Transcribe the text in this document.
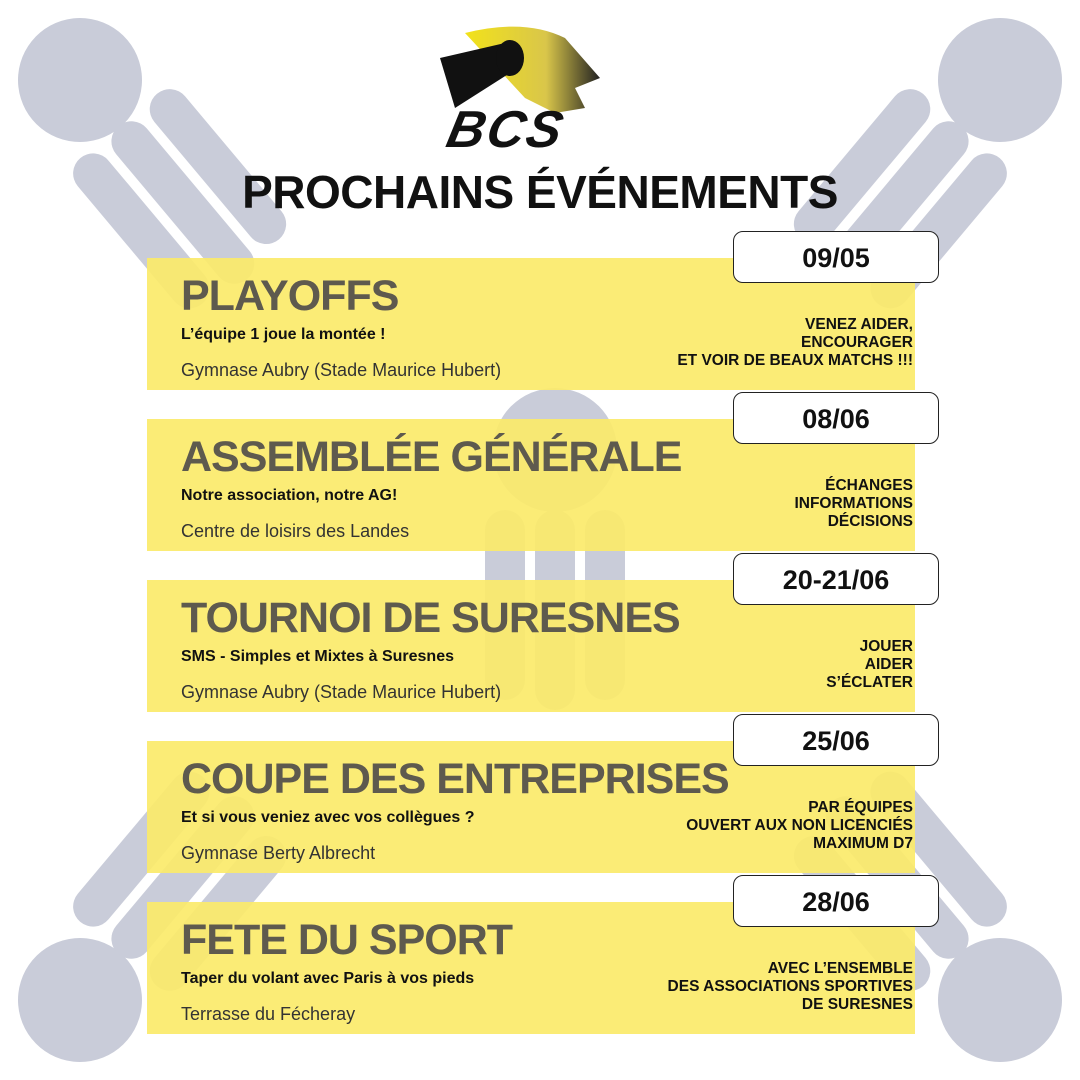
BCS
PROCHAINS ÉVÉNEMENTS
PLAYOFFS
L’équipe 1 joue la montée !
Gymnase Aubry (Stade Maurice Hubert)
VENEZ AIDER,
ENCOURAGER
ET VOIR DE BEAUX MATCHS !!!
09/05
ASSEMBLÉE GÉNÉRALE
Notre association, notre AG!
Centre de loisirs des Landes
ÉCHANGES
INFORMATIONS
DÉCISIONS
08/06
TOURNOI DE SURESNES
SMS - Simples et Mixtes à Suresnes
Gymnase Aubry (Stade Maurice Hubert)
JOUER
AIDER
S’ÉCLATER
20-21/06
COUPE DES ENTREPRISES
Et si vous veniez avec vos collègues ?
Gymnase Berty Albrecht
PAR ÉQUIPES
OUVERT AUX NON LICENCIÉS
MAXIMUM D7
25/06
FETE DU SPORT
Taper du volant avec Paris à vos pieds
Terrasse du Fécheray
AVEC L’ENSEMBLE
DES ASSOCIATIONS SPORTIVES
DE SURESNES
28/06
